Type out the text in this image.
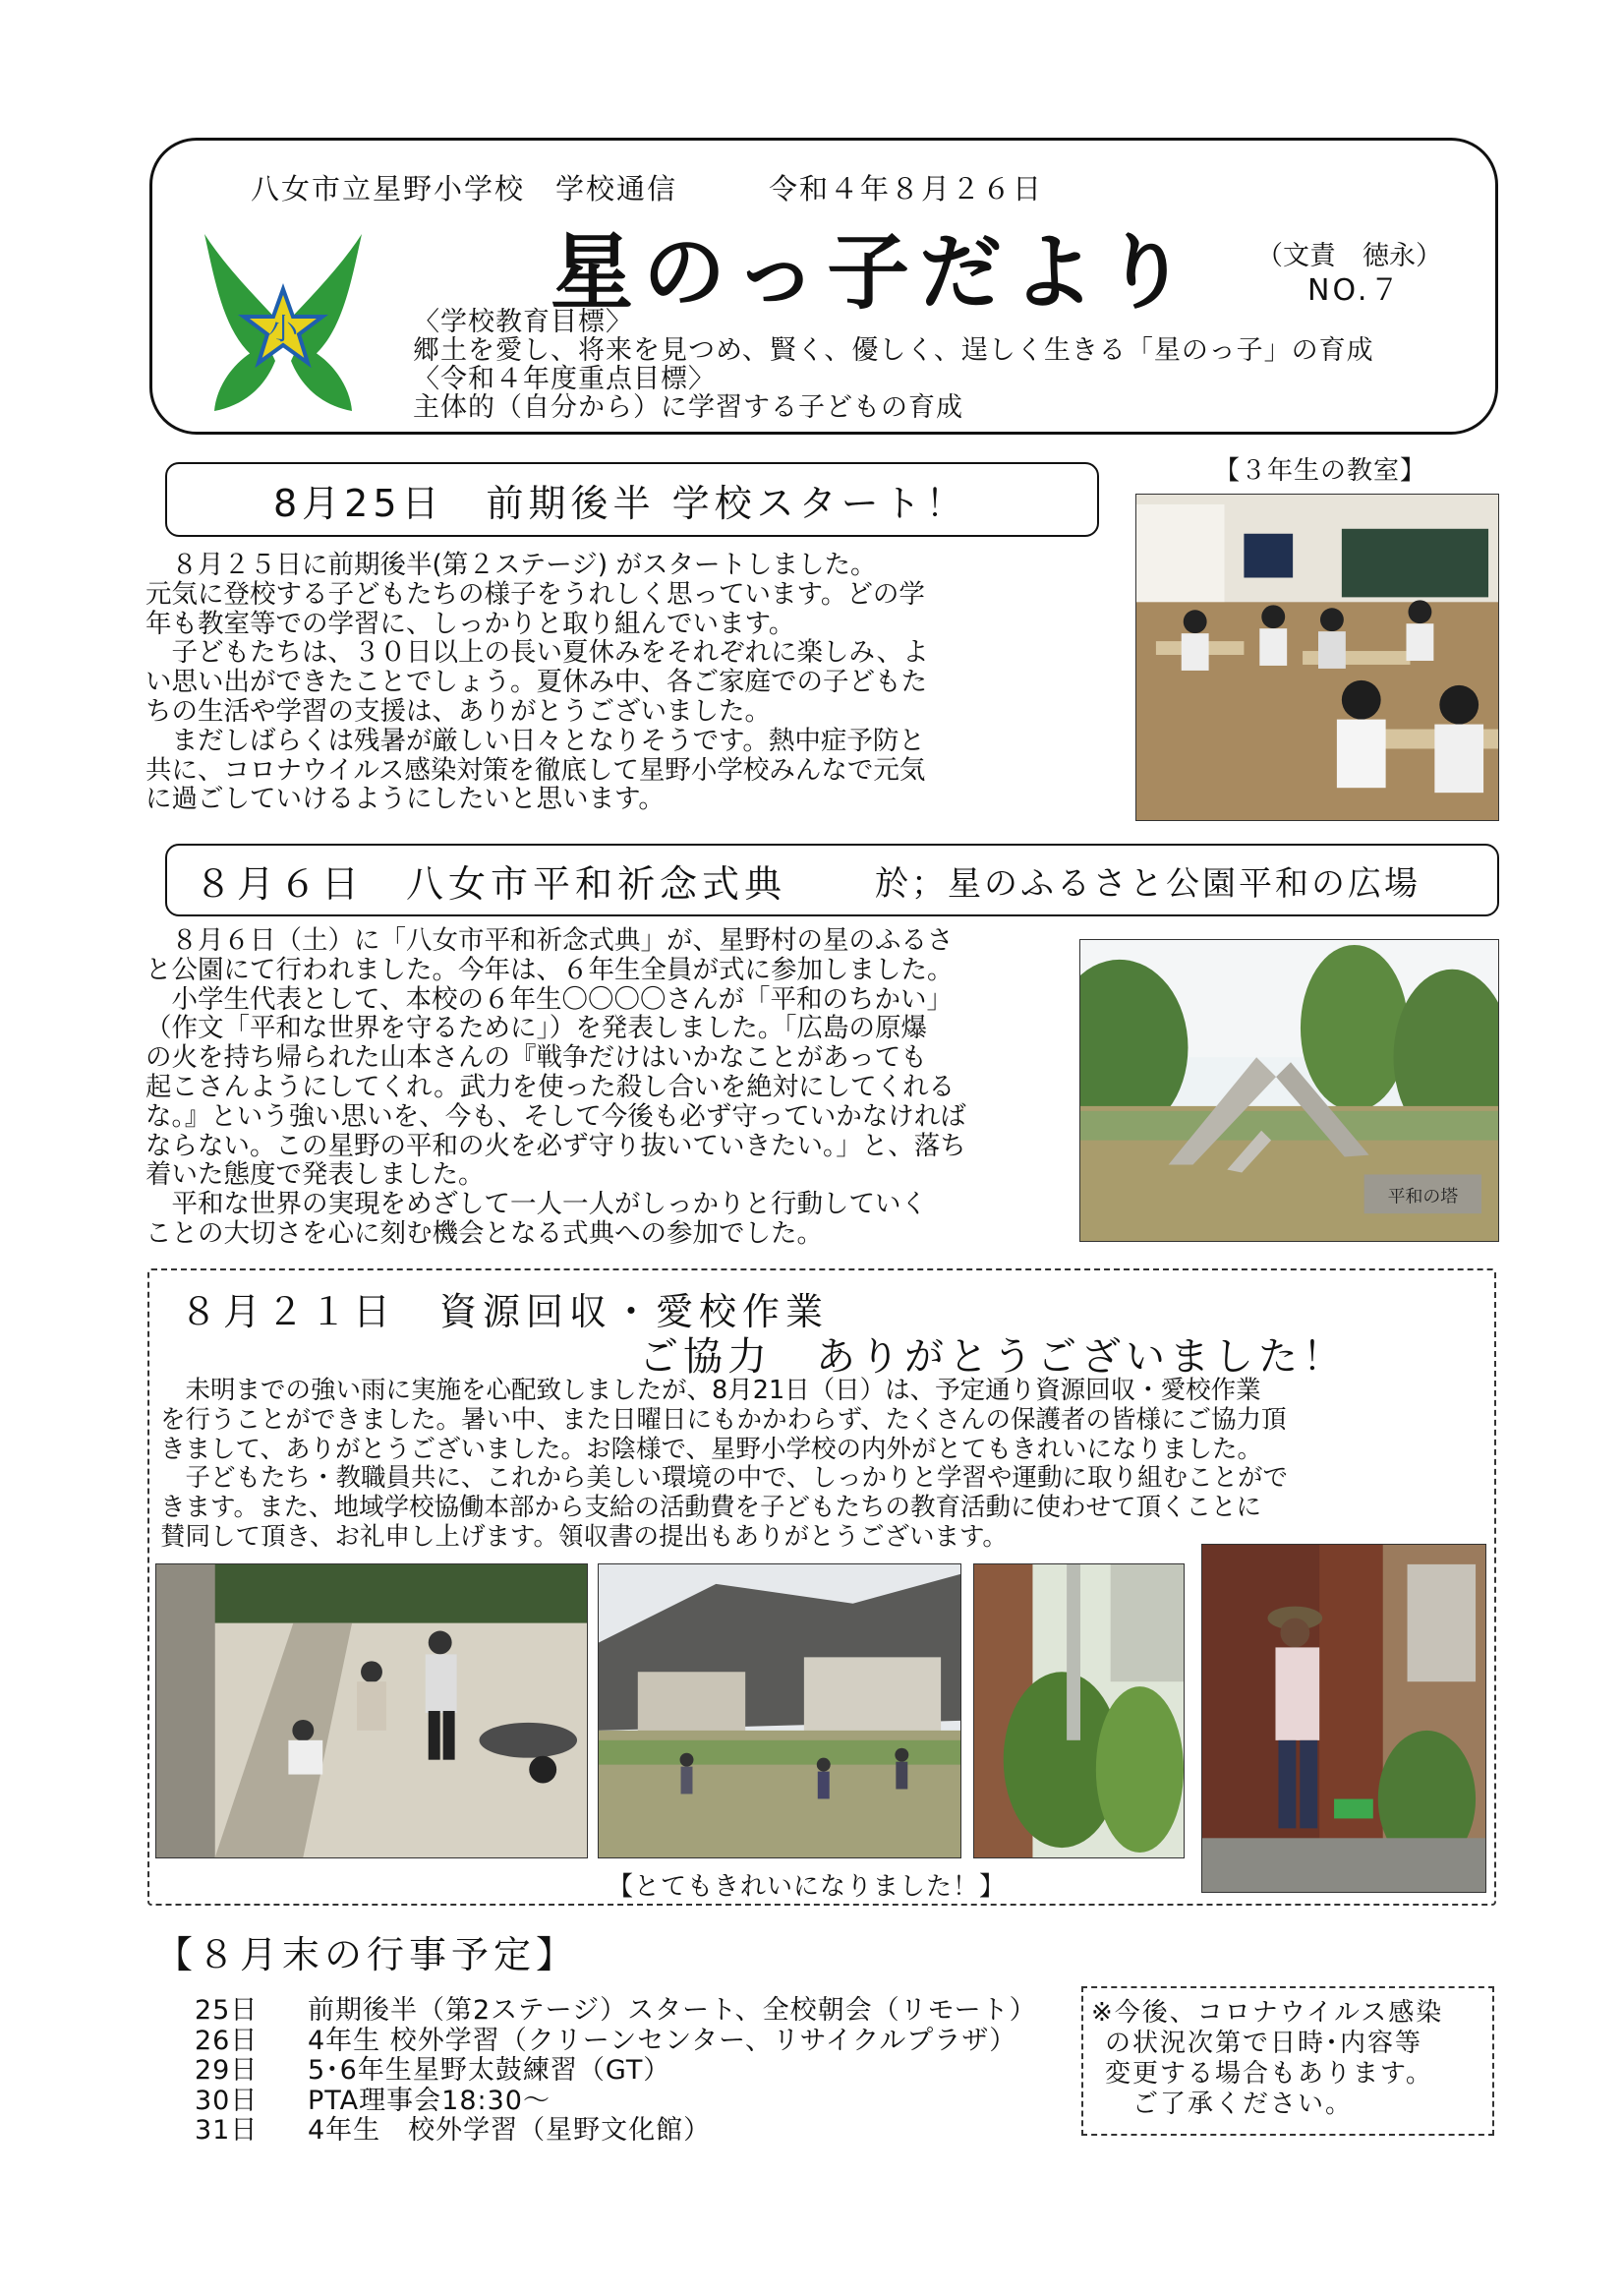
八女市立星野小学校　学校通信　　　令和４年８月２６日
星のっ子だより （文責　徳永）
NO.７
小	〈学校教育目標〉
郷土を愛し、将来を見つめ、賢く、優しく、逞しく生きる「星のっ子」の育成
〈令和４年度重点目標〉
主体的（自分から）に学習する子どもの育成
8月25日　前期後半 学校スタート！
【３年生の教室】
　８月２５日に前期後半(第２ステージ) がスタートしました。
元気に登校する子どもたちの様子をうれしく思っています。どの学
年も教室等での学習に、しっかりと取り組んでいます。
　子どもたちは、３０日以上の長い夏休みをそれぞれに楽しみ、よ
い思い出ができたことでしょう。夏休み中、各ご家庭での子どもた
ちの生活や学習の支援は、ありがとうございました。
　まだしばらくは残暑が厳しい日々となりそうです。熱中症予防と
共に、コロナウイルス感染対策を徹底して星野小学校みんなで元気
に過ごしていけるようにしたいと思います。
８月６日　八女市平和祈念式典	於；星のふるさと公園平和の広場
　８月６日（土）に「八女市平和祈念式典」が、星野村の星のふるさ
と公園にて行われました。今年は、６年生全員が式に参加しました。
　小学生代表として、本校の６年生〇〇〇〇さんが「平和のちかい」
（作文「平和な世界を守るために」）を発表しました。「広島の原爆
の火を持ち帰られた山本さんの『戦争だけはいかなことがあっても
起こさんようにしてくれ。武力を使った殺し合いを絶対にしてくれる
な。』という強い思いを、今も、そして今後も必ず守っていかなければ
ならない。この星野の平和の火を必ず守り抜いていきたい。」と、落ち
着いた態度で発表しました。
　平和な世界の実現をめざして一人一人がしっかりと行動していく
ことの大切さを心に刻む機会となる式典への参加でした。
平和の塔
８月２１日　資源回収・愛校作業
ご協力　ありがとうございました！
　未明までの強い雨に実施を心配致しましたが、8月21日（日）は、予定通り資源回収・愛校作業
を行うことができました。暑い中、また日曜日にもかかわらず、たくさんの保護者の皆様にご協力頂
きまして、ありがとうございました。お陰様で、星野小学校の内外がとてもきれいになりました。
　子どもたち・教職員共に、これから美しい環境の中で、しっかりと学習や運動に取り組むことがで
きます。また、地域学校協働本部から支給の活動費を子どもたちの教育活動に使わせて頂くことに
賛同して頂き、お礼申し上げます。領収書の提出もありがとうございます。
【とてもきれいになりました！】
【８月末の行事予定】
25日	前期後半（第2ステージ）スタート、全校朝会（リモート）
26日	4年生 校外学習（クリーンセンター、リサイクルプラザ）
29日	5･6年生星野太鼓練習（GT）
30日	PTA理事会18:30～
31日	4年生　校外学習（星野文化館）
※今後、コロナウイルス感染
の状況次第で日時･内容等
変更する場合もあります。
　ご了承ください。
